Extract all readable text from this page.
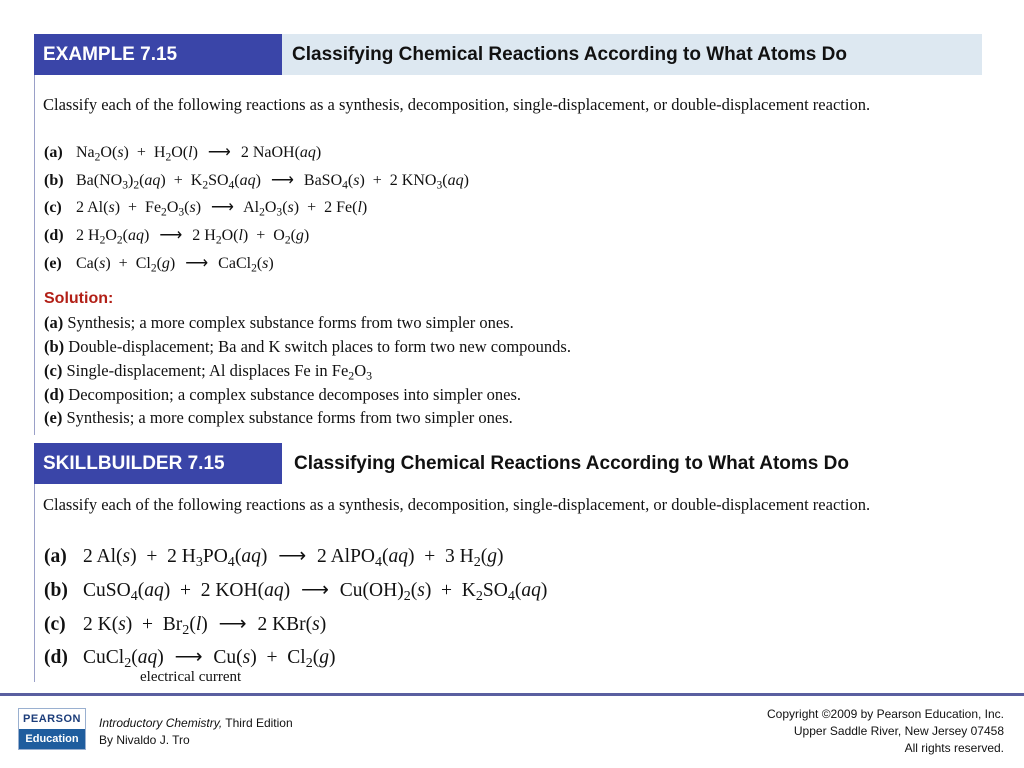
EXAMPLE 7.15	Classifying Chemical Reactions According to What Atoms Do
Classify each of the following reactions as a synthesis, decomposition, single-displacement, or double-displacement reaction.
(a) $Na_2O(s) + H_2O(l)$ ⟶ 2 NaOH(aq)
(b) $Ba(NO_3)_2(aq) + K_2SO_4(aq)$ ⟶ BaSO$_4$(s)  +  2 $KNO_3(aq)$
(c) 2 $Al(s) + Fe_2O_3(s)$ ⟶ $Al_2O_3(s) + 2$ Fe(l)
(d) 2 $H_2O_2(aq)$ ⟶ 2 $H_2O(l) + O_2(g)$
(e) $Ca(s) + Cl_2(g)$ ⟶ CaCl$_2$(s)
Solution:
(a) Synthesis; a more complex substance forms from two simpler ones.
(b) Double-displacement; Ba and K switch places to form two new compounds.
(c) Single-displacement; Al displaces Fe in $Fe_2O_3$
(d) Decomposition; a complex substance decomposes into simpler ones.
(e) Synthesis; a more complex substance forms from two simpler ones.
SKILLBUILDER 7.15	Classifying Chemical Reactions According to What Atoms Do
Classify each of the following reactions as a synthesis, decomposition, single-displacement, or double-displacement reaction.
(a) 2 Al(s)  +  2 $H_3PO_4(aq)$ ⟶ 2 AlPO$_4$(aq)  +  3 $H_2(g)$
(b) CuSO$_4$(aq)  +  2 KOH(aq) ⟶ $Cu(OH)_2(s) + K_2SO_4(aq)$
(c) 2 $K(s) + Br_2(l)$ ⟶ 2 KBr(s)
(d) CuCl$_2$(aq) ⟶ $Cu(s) + Cl_2(g)$
electrical current
PEARSON
Education
Introductory Chemistry, Third Edition
By Nivaldo J. Tro
Copyright ©2009 by Pearson Education, Inc.
Upper Saddle River, New Jersey 07458
All rights reserved.
